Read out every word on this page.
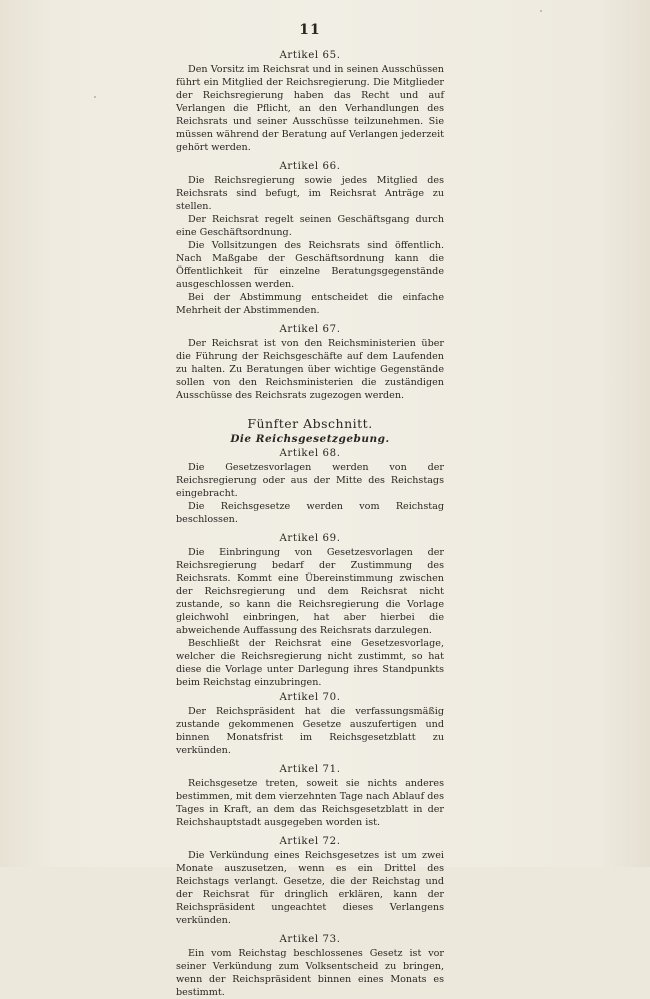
11
Artikel 65.

Den Vorsitz im Reichsrat und in seinen Ausschüssen führt ein Mitglied der Reichsregierung. Die Mitglieder der Reichsregierung haben das Recht und auf Verlangen die Pflicht, an den Verhandlungen des Reichsrats und seiner Ausschüsse teilzunehmen. Sie müssen während der Beratung auf Verlangen jederzeit gehört werden.

Artikel 66.

Die Reichsregierung sowie jedes Mitglied des Reichsrats sind befugt, im Reichsrat Anträge zu stellen.

Der Reichsrat regelt seinen Geschäftsgang durch eine Geschäftsordnung.

Die Vollsitzungen des Reichsrats sind öffentlich. Nach Maßgabe der Geschäftsordnung kann die Öffentlichkeit für einzelne Beratungsgegenstände ausgeschlossen werden.

Bei der Abstimmung entscheidet die einfache Mehrheit der Abstimmenden.

Artikel 67.

Der Reichsrat ist von den Reichsministerien über die Führung der Reichsgeschäfte auf dem Laufenden zu halten. Zu Beratungen über wichtige Gegenstände sollen von den Reichsministerien die zuständigen Ausschüsse des Reichsrats zugezogen werden.

Fünfter Abschnitt.
Die Reichsgesetzgebung.
Artikel 68.

Die Gesetzesvorlagen werden von der Reichsregierung oder aus der Mitte des Reichstags eingebracht.

Die Reichsgesetze werden vom Reichstag beschlossen.

Artikel 69.

Die Einbringung von Gesetzesvorlagen der Reichsregierung bedarf der Zustimmung des Reichsrats. Kommt eine Übereinstimmung zwischen der Reichsregierung und dem Reichsrat nicht zustande, so kann die Reichsregierung die Vorlage gleichwohl einbringen, hat aber hierbei die abweichende Auffassung des Reichsrats darzulegen.

Beschließt der Reichsrat eine Gesetzesvorlage, welcher die Reichsregierung nicht zustimmt, so hat diese die Vorlage unter Darlegung ihres Standpunkts beim Reichstag einzubringen.

Artikel 70.

Der Reichspräsident hat die verfassungsmäßig zustande gekommenen Gesetze auszufertigen und binnen Monatsfrist im Reichsgesetzblatt zu verkünden.

Artikel 71.

Reichsgesetze treten, soweit sie nichts anderes bestimmen, mit dem vierzehnten Tage nach Ablauf des Tages in Kraft, an dem das Reichsgesetzblatt in der Reichshauptstadt ausgegeben worden ist.

Artikel 72.

Die Verkündung eines Reichsgesetzes ist um zwei Monate auszusetzen, wenn es ein Drittel des Reichstags verlangt. Gesetze, die der Reichstag und der Reichsrat für dringlich erklären, kann der Reichspräsident ungeachtet dieses Verlangens verkünden.

Artikel 73.

Ein vom Reichstag beschlossenes Gesetz ist vor seiner Verkündung zum Volksentscheid zu bringen, wenn der Reichspräsident binnen eines Monats es bestimmt.
